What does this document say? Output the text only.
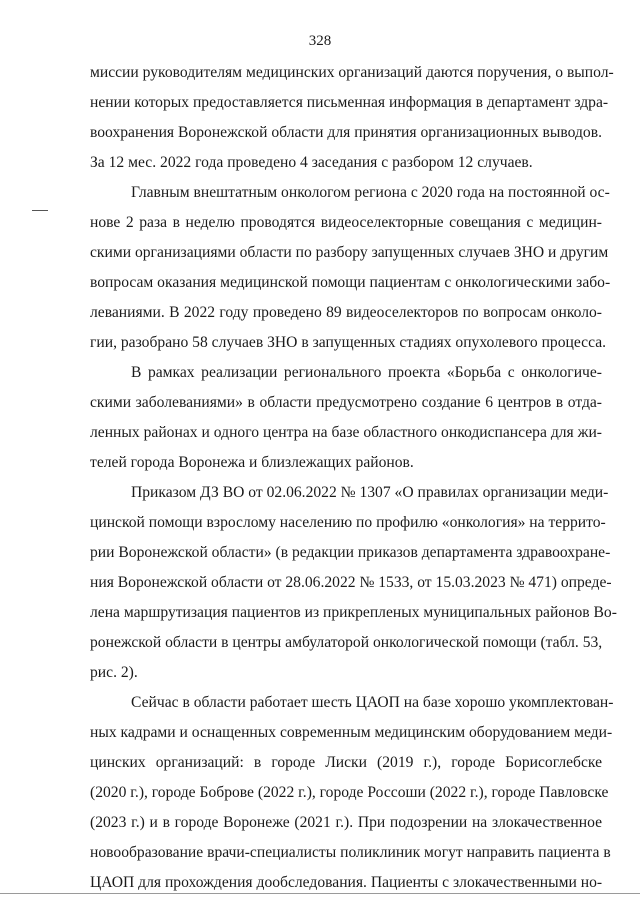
328
миссии руководителям медицинских организаций даются поручения, о выпол-
нении которых предоставляется письменная информация в департамент здра-
воохранения Воронежской области для принятия организационных выводов.
За 12 мес. 2022 года проведено 4 заседания с разбором 12 случаев.
Главным внештатным онкологом региона с 2020 года на постоянной ос-
нове 2 раза в неделю проводятся видеоселекторные совещания с медицин-
скими организациями области по разбору запущенных случаев ЗНО и другим
вопросам оказания медицинской помощи пациентам с онкологическими забо-
леваниями. В 2022 году проведено 89 видеоселекторов по вопросам онколо-
гии, разобрано 58 случаев ЗНО в запущенных стадиях опухолевого процесса.
В рамках реализации регионального проекта «Борьба с онкологиче-
скими заболеваниями» в области предусмотрено создание 6 центров в отда-
ленных районах и одного центра на базе областного онкодиспансера для жи-
телей города Воронежа и близлежащих районов.
Приказом ДЗ ВО от 02.06.2022 № 1307 «О правилах организации меди-
цинской помощи взрослому населению по профилю «онкология» на террито-
рии Воронежской области» (в редакции приказов департамента здравоохране-
ния Воронежской области от 28.06.2022 № 1533, от 15.03.2023 № 471) опреде-
лена маршрутизация пациентов из прикрепленых муниципальных районов Во-
ронежской области в центры амбулаторой онкологической помощи (табл. 53,
рис. 2).
Сейчас в области работает шесть ЦАОП на базе хорошо укомплектован-
ных кадрами и оснащенных современным медицинским оборудованием меди-
цинских организаций: в городе Лиски (2019 г.), городе Борисоглебске
(2020 г.), городе Боброве (2022 г.), городе Россоши (2022 г.), городе Павловске
(2023 г.) и в городе Воронеже (2021 г.). При подозрении на злокачественное
новообразование врачи-специалисты поликлиник могут направить пациента в
ЦАОП для прохождения дообследования. Пациенты с злокачественными но-
